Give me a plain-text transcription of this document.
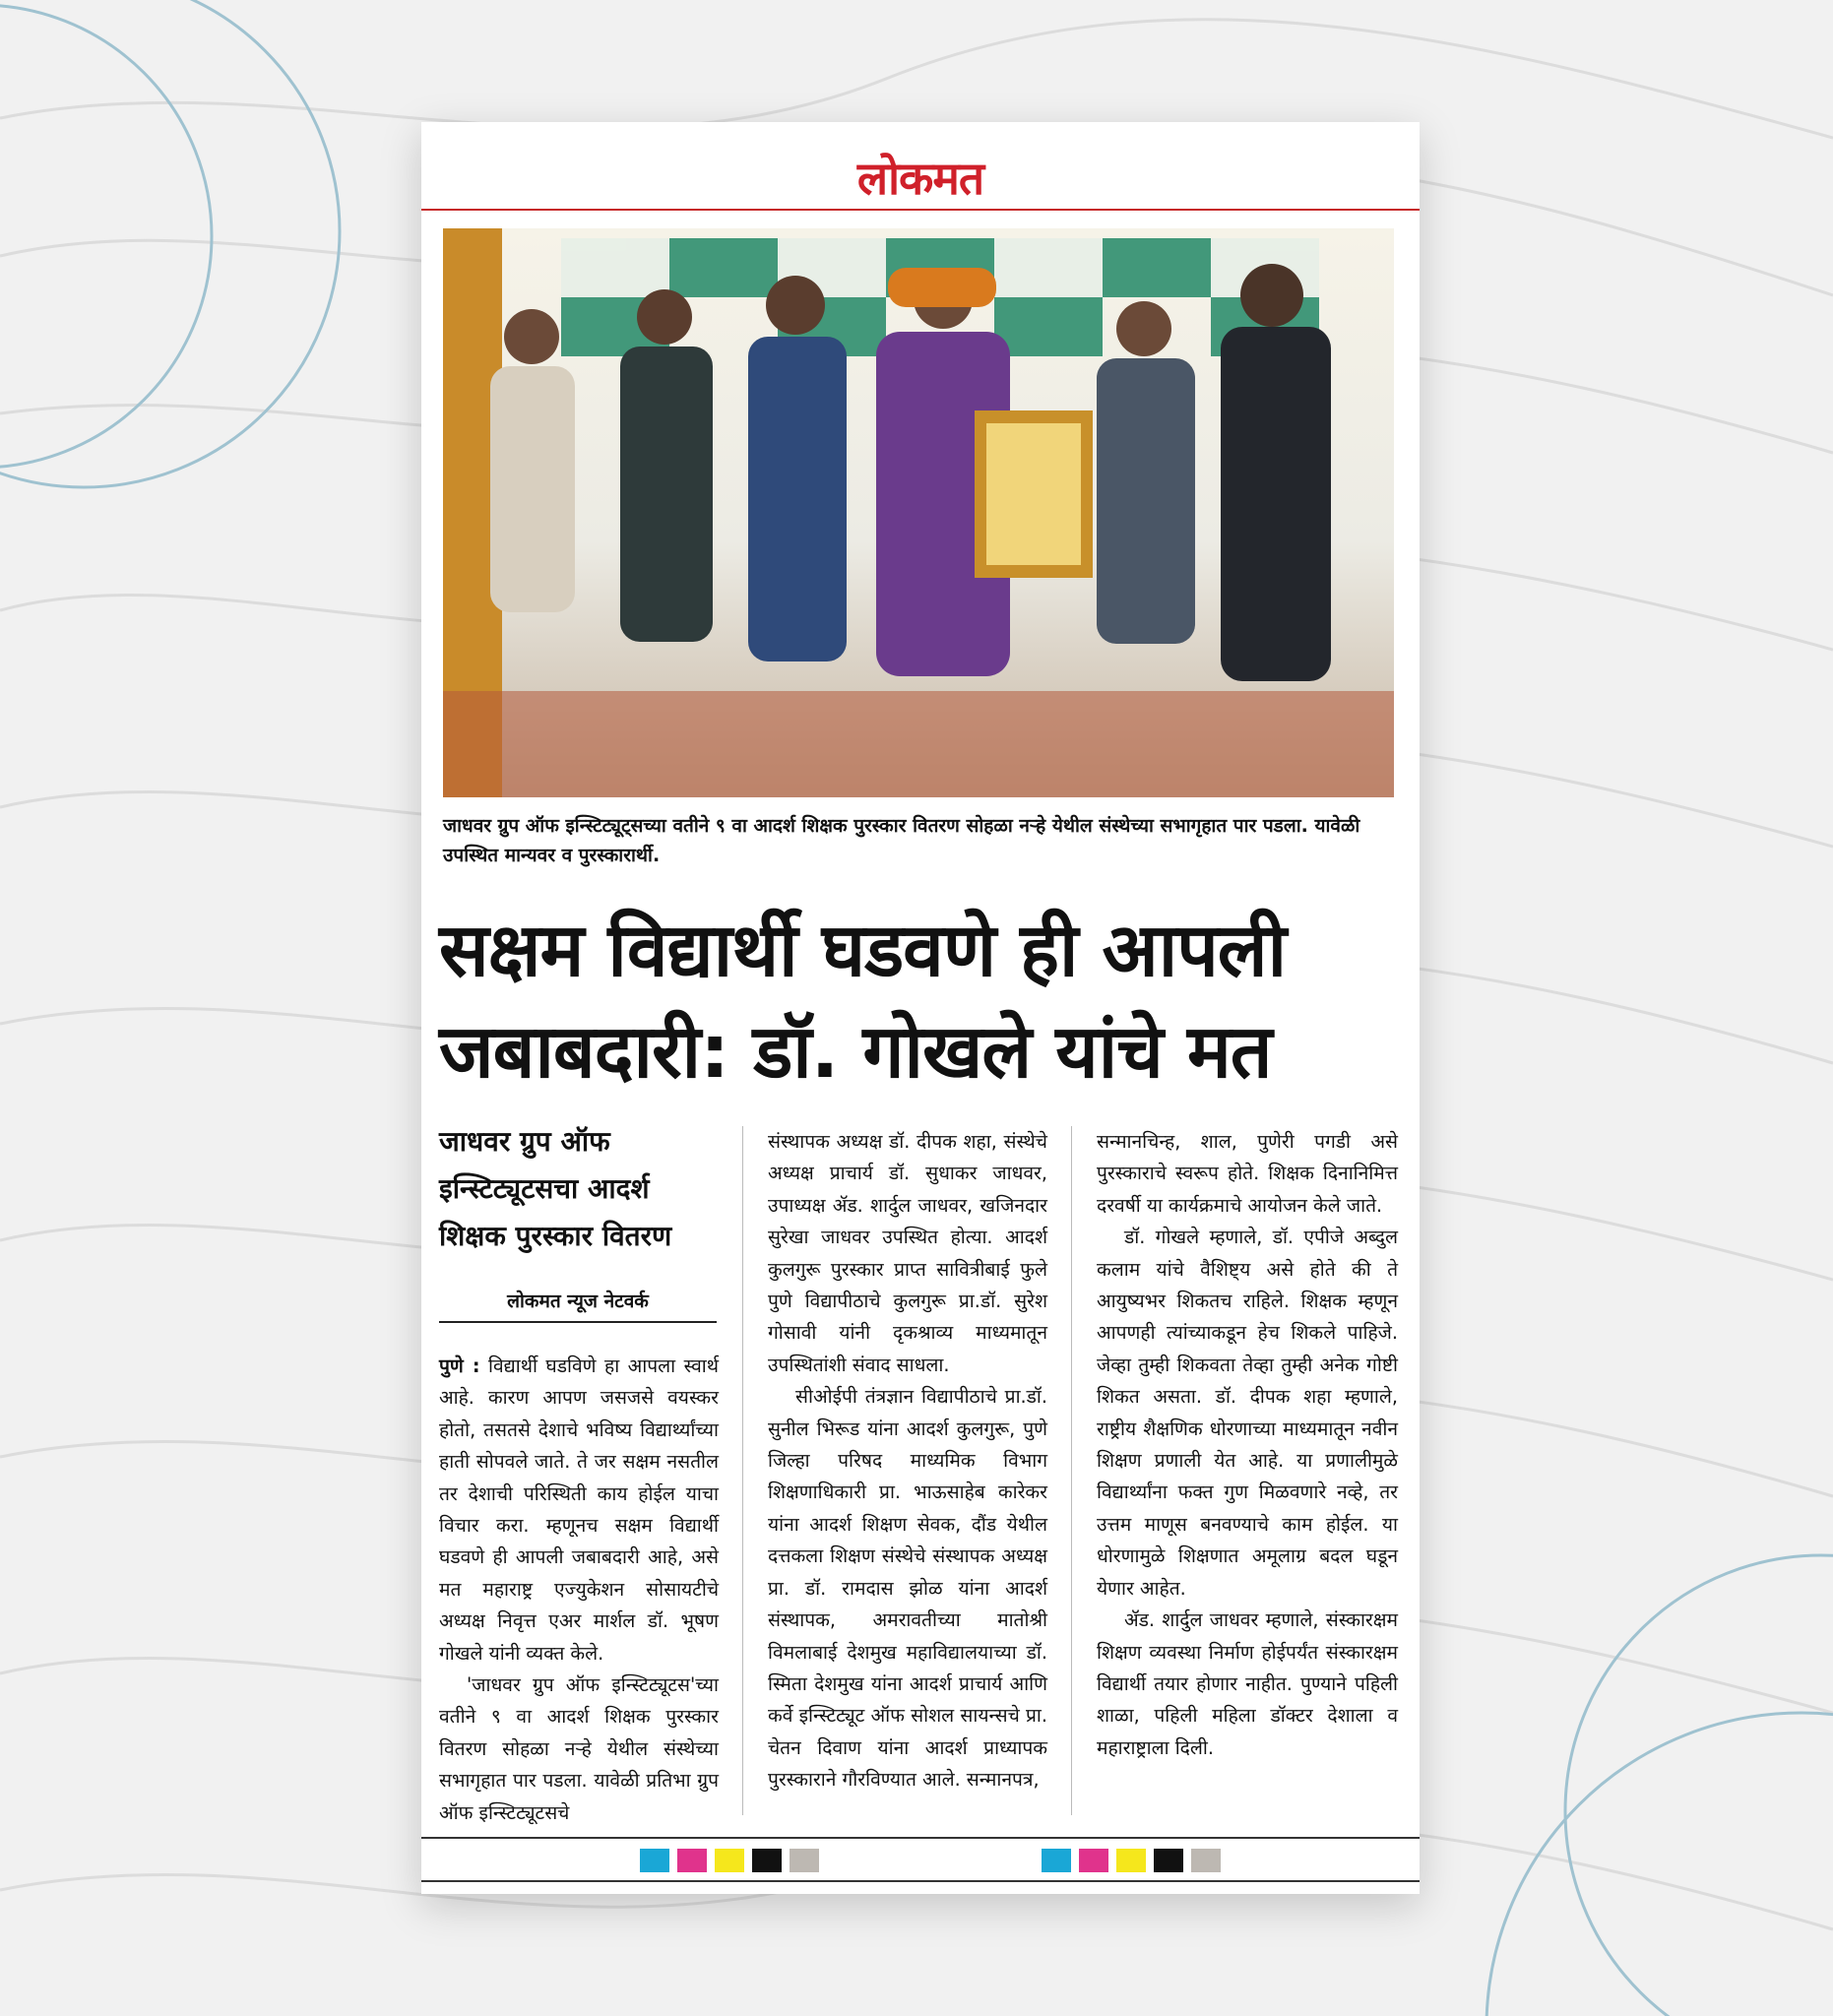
लोकमत
जाधवर ग्रुप ऑफ इन्स्टिट्यूट्सच्या वतीने ९ वा आदर्श शिक्षक पुरस्कार वितरण सोहळा नऱ्हे येथील संस्थेच्या सभागृहात पार पडला. यावेळी उपस्थित मान्यवर व पुरस्कारार्थी.
सक्षम विद्यार्थी घडवणे ही आपली
जबाबदारी: डॉ. गोखले यांचे मत
जाधवर ग्रुप ऑफ
इन्स्टिट्यूटसचा आदर्श
शिक्षक पुरस्कार वितरण
लोकमत न्यूज नेटवर्क

पुणे : विद्यार्थी घडविणे हा आपला स्वार्थ आहे. कारण आपण जसजसे वयस्कर होतो, तसतसे देशाचे भविष्य विद्यार्थ्यांच्या हाती सोपवले जाते. ते जर सक्षम नसतील तर देशाची परिस्थिती काय होईल याचा विचार करा. म्हणूनच सक्षम विद्यार्थी घडवणे ही आपली जबाबदारी आहे, असे मत महाराष्ट्र एज्युकेशन सोसायटीचे अध्यक्ष निवृत्त एअर मार्शल डॉ. भूषण गोखले यांनी व्यक्त केले.

'जाधवर ग्रुप ऑफ इन्स्टिट्यूटस'च्या वतीने ९ वा आदर्श शिक्षक पुरस्कार वितरण सोहळा नऱ्हे येथील संस्थेच्या सभागृहात पार पडला. यावेळी प्रतिभा ग्रुप ऑफ इन्स्टिट्यूटसचे

संस्थापक अध्यक्ष डॉ. दीपक शहा, संस्थेचे अध्यक्ष प्राचार्य डॉ. सुधाकर जाधवर, उपाध्यक्ष ॲड. शार्दुल जाधवर, खजिनदार सुरेखा जाधवर उपस्थित होत्या. आदर्श कुलगुरू पुरस्कार प्राप्त सावित्रीबाई फुले पुणे विद्यापीठाचे कुलगुरू प्रा.डॉ. सुरेश गोसावी यांनी दृकश्राव्य माध्यमातून उपस्थितांशी संवाद साधला.

सीओईपी तंत्रज्ञान विद्यापीठाचे प्रा.डॉ. सुनील भिरूड यांना आदर्श कुलगुरू, पुणे जिल्हा परिषद माध्यमिक विभाग शिक्षणाधिकारी प्रा. भाऊसाहेब कारेकर यांना आदर्श शिक्षण सेवक, दौंड येथील दत्तकला शिक्षण संस्थेचे संस्थापक अध्यक्ष प्रा. डॉ. रामदास झोळ यांना आदर्श संस्थापक, अमरावतीच्या मातोश्री विमलाबाई देशमुख महाविद्यालयाच्या डॉ. स्मिता देशमुख यांना आदर्श प्राचार्य आणि कर्वे इन्स्टिट्यूट ऑफ सोशल सायन्सचे प्रा. चेतन दिवाण यांना आदर्श प्राध्यापक पुरस्काराने गौरविण्यात आले. सन्मानपत्र,

सन्मानचिन्ह, शाल, पुणेरी पगडी असे पुरस्काराचे स्वरूप होते. शिक्षक दिनानिमित्त दरवर्षी या कार्यक्रमाचे आयोजन केले जाते.

डॉ. गोखले म्हणाले, डॉ. एपीजे अब्दुल कलाम यांचे वैशिष्ट्य असे होते की ते आयुष्यभर शिकतच राहिले. शिक्षक म्हणून आपणही त्यांच्याकडून हेच शिकले पाहिजे. जेव्हा तुम्ही शिकवता तेव्हा तुम्ही अनेक गोष्टी शिकत असता. डॉ. दीपक शहा म्हणाले, राष्ट्रीय शैक्षणिक धोरणाच्या माध्यमातून नवीन शिक्षण प्रणाली येत आहे. या प्रणालीमुळे विद्यार्थ्यांना फक्त गुण मिळवणारे नव्हे, तर उत्तम माणूस बनवण्याचे काम होईल. या धोरणामुळे शिक्षणात अमूलाग्र बदल घडून येणार आहेत.

ॲड. शार्दुल जाधवर म्हणाले, संस्कारक्षम शिक्षण व्यवस्था निर्माण होईपर्यंत संस्कारक्षम विद्यार्थी तयार होणार नाहीत. पुण्याने पहिली शाळा, पहिली महिला डॉक्टर देशाला व महाराष्ट्राला दिली.
